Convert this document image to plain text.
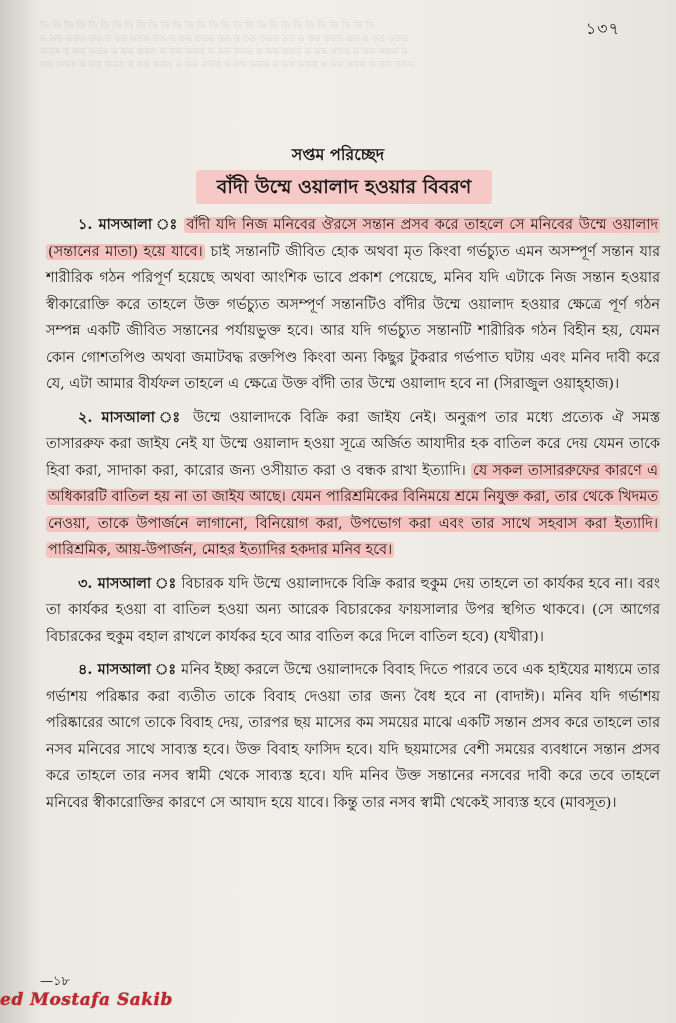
ডি ডি ডি ডি ডি ডি ডি ডি ডি ডি ডি ডি ডি ডি ডি ডি ডি ডি ডি ডি ডি ডি ডি ডি ডি ডি ডি ডি
ড ডড ডডড ডড ড ডড ডডড ডড ড ডড ডডড ডড ড ডড ডডড ডড ড ডড ডডড ডড ড ডড ডডড
ডডড ড ডড ডডড ড ডড ডডড ড ডড ডডড ড ডড ডডড ড ডড ডডড ড ডড ডডড ড ডড ডডড ড
ডড ডডড ড ডড ডডড ড ডড ডডড ড ডড ডডড ড ডড ডডড ড ডড ডডড ড ডড ডডড ড ডড ডডড
১৩৭
সপ্তম পরিচ্ছেদ
বাঁদী উম্মে ওয়ালাদ হওয়ার বিবরণ

১. মাসআলা ঃ বাঁদী যদি নিজ মনিবের ঔরসে সন্তান প্রসব করে তাহলে সে মনিবের উম্মে ওয়ালাদ (সন্তানের মাতা) হয়ে যাবে। চাই সন্তানটি জীবিত হোক অথবা মৃত কিংবা গর্ভচ্যুত এমন অসম্পূর্ণ সন্তান যার শারীরিক গঠন পরিপূর্ণ হয়েছে অথবা আংশিক ভাবে প্রকাশ পেয়েছে, মনিব যদি এটাকে নিজ সন্তান হওয়ার স্বীকারোক্তি করে তাহলে উক্ত গর্ভচ্যুত অসম্পূর্ণ সন্তানটিও বাঁদীর উম্মে ওয়ালাদ হওয়ার ক্ষেত্রে পূর্ণ গঠন সম্পন্ন একটি জীবিত সন্তানের পর্যায়ভুক্ত হবে। আর যদি গর্ভচ্যুত সন্তানটি শারীরিক গঠন বিহীন হয়, যেমন কোন গোশতপিণ্ড অথবা জমাটবদ্ধ রক্তপিণ্ড কিংবা অন্য কিছুর টুকরার গর্ভপাত ঘটায় এবং মনিব দাবী করে যে, এটা আমার বীর্যফল তাহলে এ ক্ষেত্রে উক্ত বাঁদী তার উম্মে ওয়ালাদ হবে না (সিরাজুল ওয়াহ্হাজ)।

২. মাসআলা ঃ উম্মে ওয়ালাদকে বিক্রি করা জাইয নেই। অনুরূপ তার মধ্যে প্রত্যেক ঐ সমস্ত তাসাররুফ করা জাইয নেই যা উম্মে ওয়ালাদ হওয়া সূত্রে অর্জিত আযাদীর হক বাতিল করে দেয় যেমন তাকে হিবা করা, সাদাকা করা, কারোর জন্য ওসীয়াত করা ও বন্ধক রাখা ইত্যাদি। যে সকল তাসাররুফের কারণে এ অধিকারটি বাতিল হয় না তা জাইয আছে। যেমন পারিশ্রমিকের বিনিময়ে শ্রমে নিযুক্ত করা, তার থেকে খিদমত নেওয়া, তাকে উপার্জনে লাগানো, বিনিয়োগ করা, উপভোগ করা এবং তার সাথে সহবাস করা ইত্যাদি। পারিশ্রমিক, আয়-উপার্জন, মোহর ইত্যাদির হকদার মনিব হবে।

৩. মাসআলা ঃ বিচারক যদি উম্মে ওয়ালাদকে বিক্রি করার হুকুম দেয় তাহলে তা কার্যকর হবে না। বরং তা কার্যকর হওয়া বা বাতিল হওয়া অন্য আরেক বিচারকের ফায়সালার উপর স্থগিত থাকবে। (সে আগের বিচারকের হুকুম বহাল রাখলে কার্যকর হবে আর বাতিল করে দিলে বাতিল হবে) (যখীরা)।

৪. মাসআলা ঃ মনিব ইচ্ছা করলে উম্মে ওয়ালাদকে বিবাহ দিতে পারবে তবে এক হাইযের মাধ্যমে তার গর্ভাশয় পরিষ্কার করা ব্যতীত তাকে বিবাহ দেওয়া তার জন্য বৈধ হবে না (বাদাঈ)। মনিব যদি গর্ভাশয় পরিষ্কারের আগে তাকে বিবাহ দেয়, তারপর ছয় মাসের কম সময়ের মাঝে একটি সন্তান প্রসব করে তাহলে তার নসব মনিবের সাথে সাব্যস্ত হবে। উক্ত বিবাহ ফাসিদ হবে। যদি ছয়মাসের বেশী সময়ের ব্যবধানে সন্তান প্রসব করে তাহলে তার নসব স্বামী থেকে সাব্যস্ত হবে। যদি মনিব উক্ত সন্তানের নসবের দাবী করে তবে তাহলে মনিবের স্বীকারোক্তির কারণে সে আযাদ হয়ে যাবে। কিন্তু তার নসব স্বামী থেকেই সাব্যস্ত হবে (মাবসূত)।

—১৮
ed Mostafa Sakib
